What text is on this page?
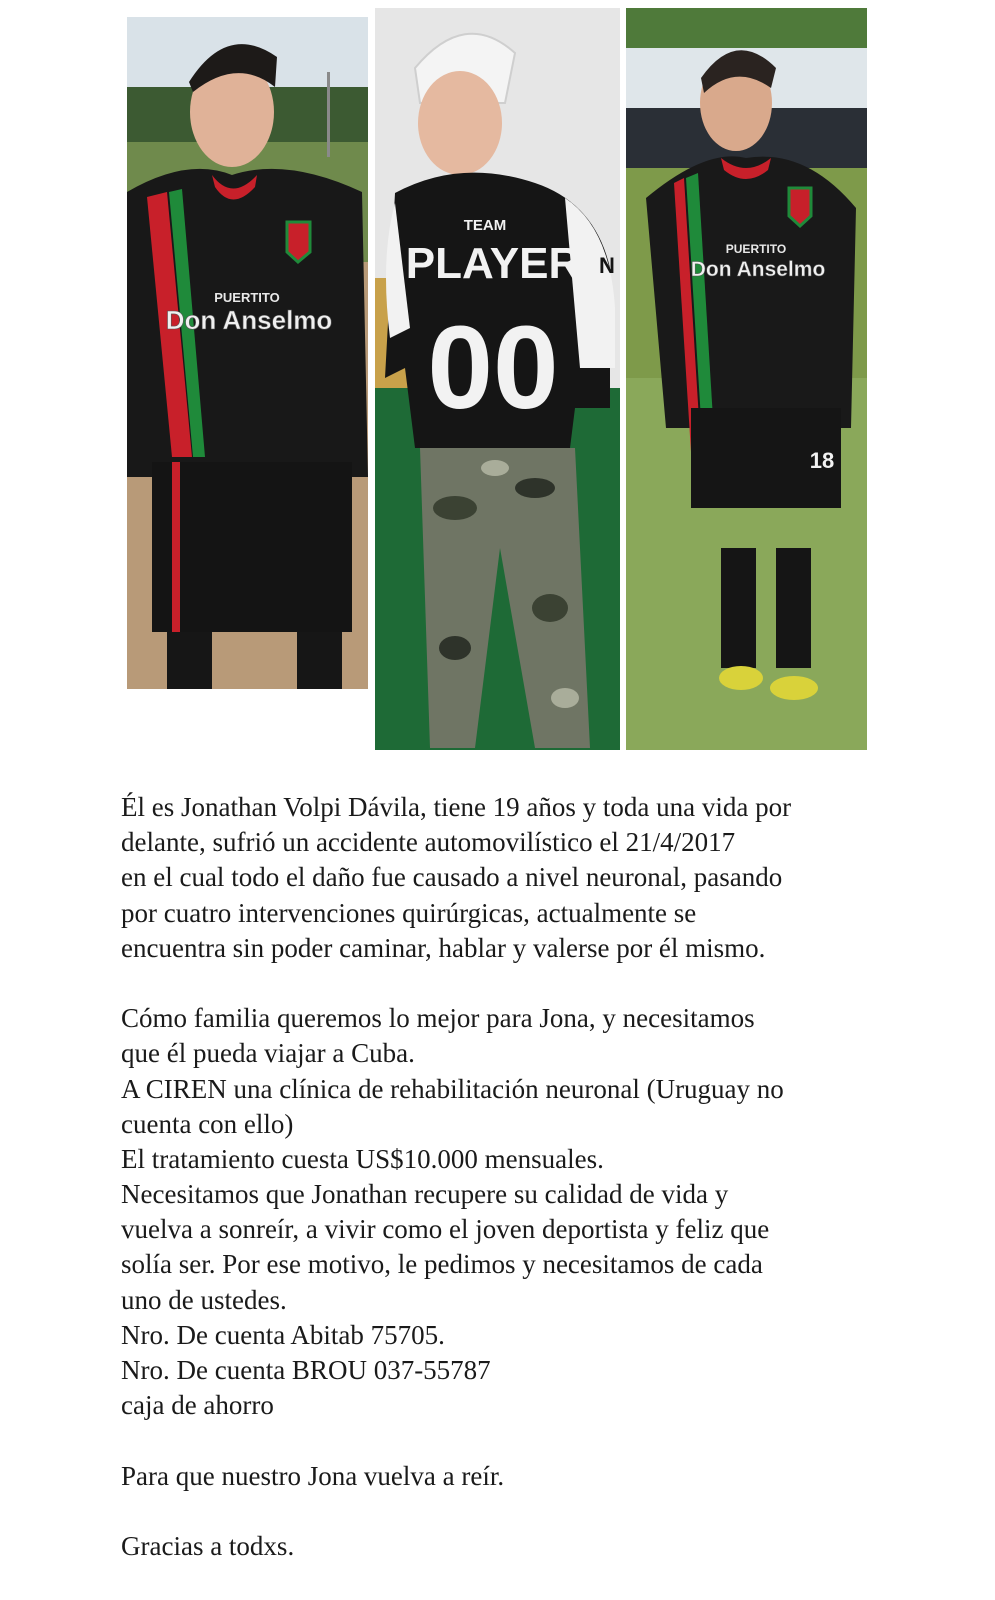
PUERTITO
Don Anselmo
TEAM
PLAYER
00
N
18
PUERTITO
Don Anselmo
Él es Jonathan Volpi Dávila, tiene 19 años y toda una vida por
delante, sufrió un accidente automovilístico el 21/4/2017
en el cual todo el daño fue causado a nivel neuronal, pasando
por cuatro intervenciones quirúrgicas, actualmente se
encuentra sin poder caminar, hablar y valerse por él mismo.
Cómo familia queremos lo mejor para Jona, y necesitamos
que él pueda viajar a Cuba.
A CIREN una clínica de rehabilitación neuronal (Uruguay no
cuenta con ello)
El tratamiento cuesta US$10.000 mensuales.
Necesitamos que Jonathan recupere su calidad de vida y
vuelva a sonreír, a vivir como el joven deportista y feliz que
solía ser. Por ese motivo, le pedimos y necesitamos de cada
uno de ustedes.
Nro. De cuenta Abitab 75705.
Nro. De cuenta BROU 037-55787
caja de ahorro
Para que nuestro Jona vuelva a reír.
Gracias a todxs.
